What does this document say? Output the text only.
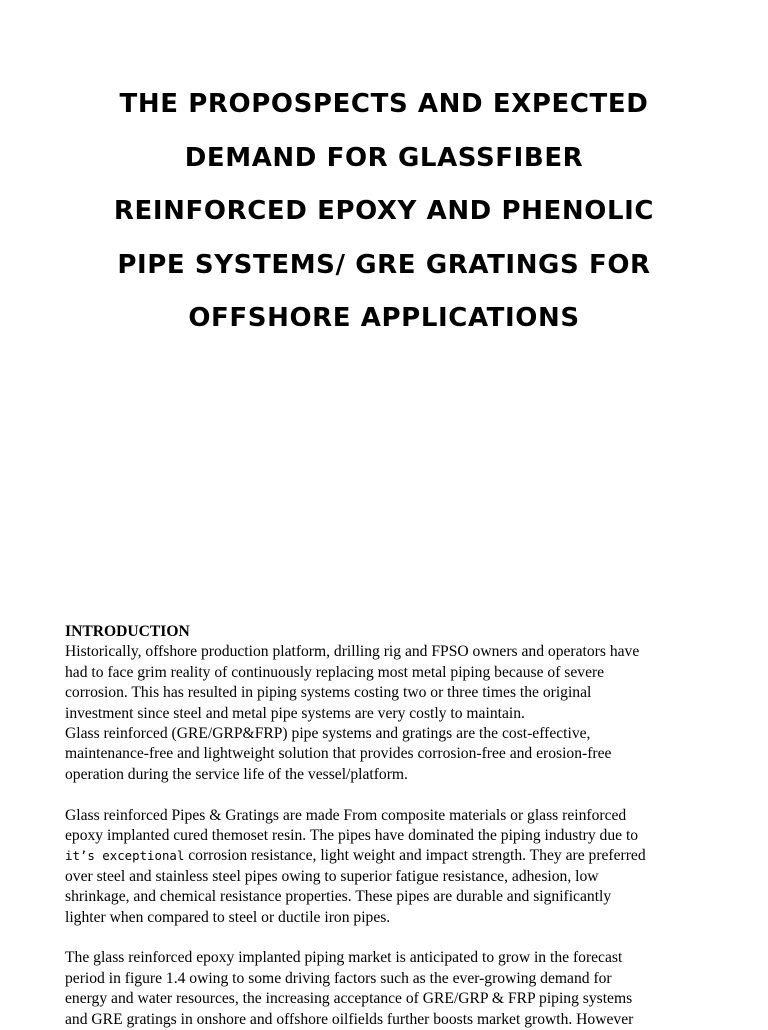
THE PROPOSPECTS AND EXPECTED
DEMAND FOR GLASSFIBER
REINFORCED EPOXY AND PHENOLIC
PIPE SYSTEMS/ GRE GRATINGS FOR
OFFSHORE APPLICATIONS
INTRODUCTION
Historically, offshore production platform, drilling rig and FPSO owners and operators have
had to face grim reality of continuously replacing most metal piping because of severe
corrosion. This has resulted in piping systems costing two or three times the original
investment since steel and metal pipe systems are very costly to maintain.
Glass reinforced (GRE/GRP&FRP) pipe systems and gratings are the cost-effective,
maintenance-free and lightweight solution that provides corrosion-free and erosion-free
operation during the service life of the vessel/platform.
Glass reinforced Pipes & Gratings are made From composite materials or glass reinforced
epoxy implanted cured themoset resin. The pipes have dominated the piping industry due to
it’s exceptional corrosion resistance, light weight and impact strength. They are preferred
over steel and stainless steel pipes owing to superior fatigue resistance, adhesion, low
shrinkage, and chemical resistance properties. These pipes are durable and significantly
lighter when compared to steel or ductile iron pipes.
The glass reinforced epoxy implanted piping market is anticipated to grow in the forecast
period in figure 1.4 owing to some driving factors such as the ever-growing demand for
energy and water resources, the increasing acceptance of GRE/GRP & FRP piping systems
and GRE gratings in onshore and offshore oilfields further boosts market growth. However
